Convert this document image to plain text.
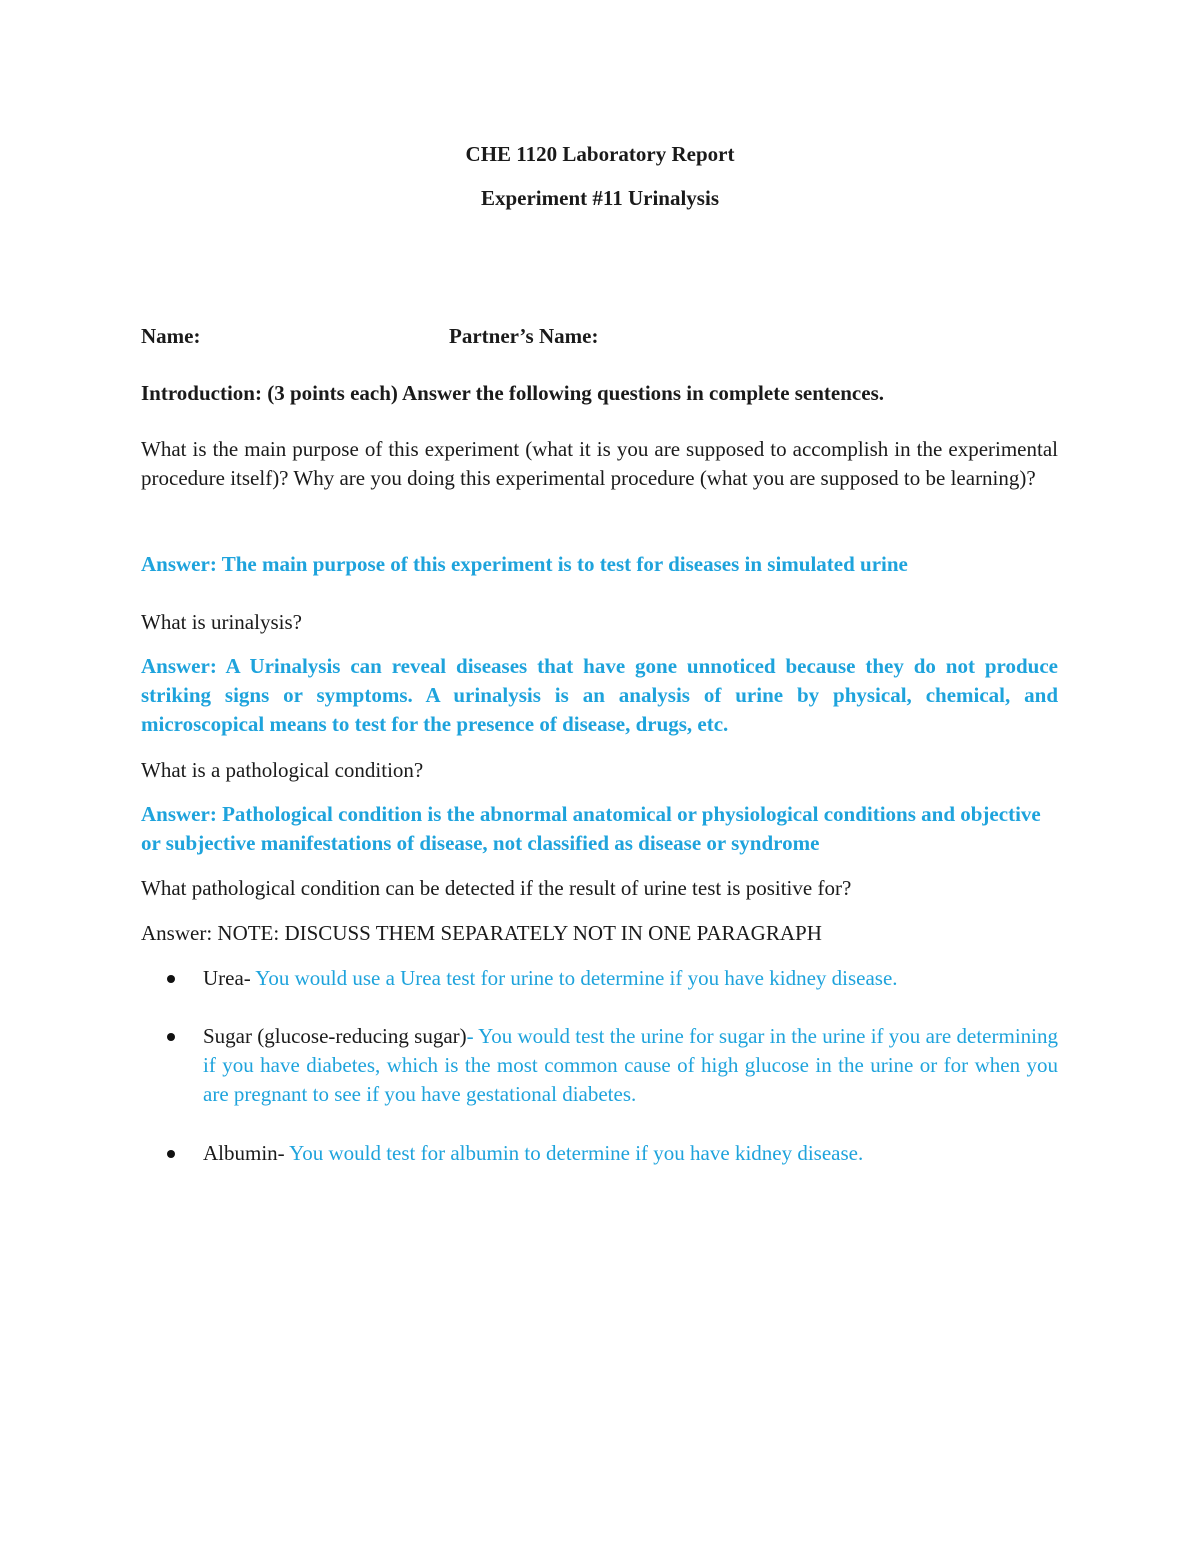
CHE 1120 Laboratory Report

Experiment #11 Urinalysis

Name:	Partner’s Name:

Introduction: (3 points each) Answer the following questions in complete sentences.

What is the main purpose of this experiment (what it is you are supposed to accomplish in the experimental procedure itself)? Why are you doing this experimental procedure (what you are supposed to be learning)?

Answer: The main purpose of this experiment is to test for diseases in simulated urine

What is urinalysis?

Answer: A Urinalysis can reveal diseases that have gone unnoticed because they do not produce striking signs or symptoms. A urinalysis is an analysis of urine by physical, chemical, and microscopical means to test for the presence of disease, drugs, etc.

What is a pathological condition?

Answer: Pathological condition is the abnormal anatomical or physiological conditions and objective or subjective manifestations of disease, not classified as disease or syndrome

What pathological condition can be detected if the result of urine test is positive for?

Answer: NOTE: DISCUSS THEM SEPARATELY NOT IN ONE PARAGRAPH

Urea- You would use a Urea test for urine to determine if you have kidney disease.
Sugar (glucose-reducing sugar)- You would test the urine for sugar in the urine if you are determining if you have diabetes, which is the most common cause of high glucose in the urine or for when you are pregnant to see if you have gestational diabetes.
Albumin- You would test for albumin to determine if you have kidney disease.
